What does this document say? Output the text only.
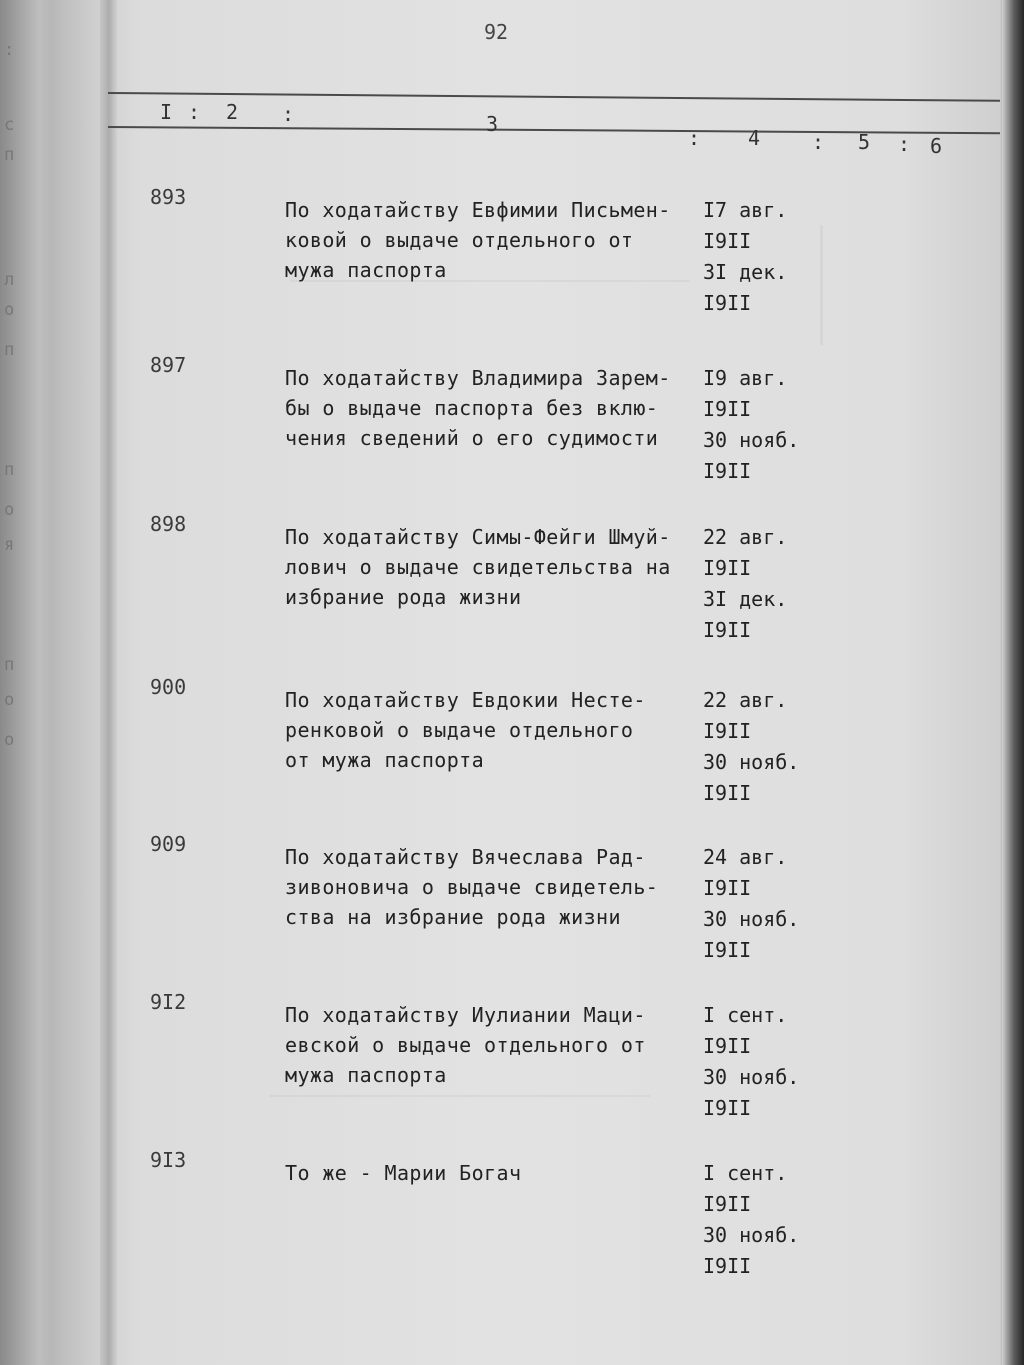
:
с
п
л
о
п
п
о
я
п
о
о
92
I : 2 :	3
: 4	: 5 : 6
893
По ходатайству Евфимии Письмен-
ковой о выдаче отдельного от
мужа паспорта
I7 авг.
I9II
3I дек.
I9II
897
По ходатайству Владимира Зарем-
бы о выдаче паспорта без вклю-
чения сведений о его судимости
I9 авг.
I9II
30 нояб.
I9II
898
По ходатайству Симы-Фейги Шмуй-
лович о выдаче свидетельства на
избрание рода жизни
22 авг.
I9II
3I дек.
I9II
900
По ходатайству Евдокии Несте-
ренковой о выдаче отдельного
от мужа паспорта
22 авг.
I9II
30 нояб.
I9II
909
По ходатайству Вячеслава Рад-
зивоновича о выдаче свидетель-
ства на избрание рода жизни
24 авг.
I9II
30 нояб.
I9II
9I2
По ходатайству Иулиании Маци-
евской о выдаче отдельного от
мужа паспорта
I сент.
I9II
30 нояб.
I9II
9I3
То же - Марии Богач	I сент.
I9II
30 нояб.
I9II
